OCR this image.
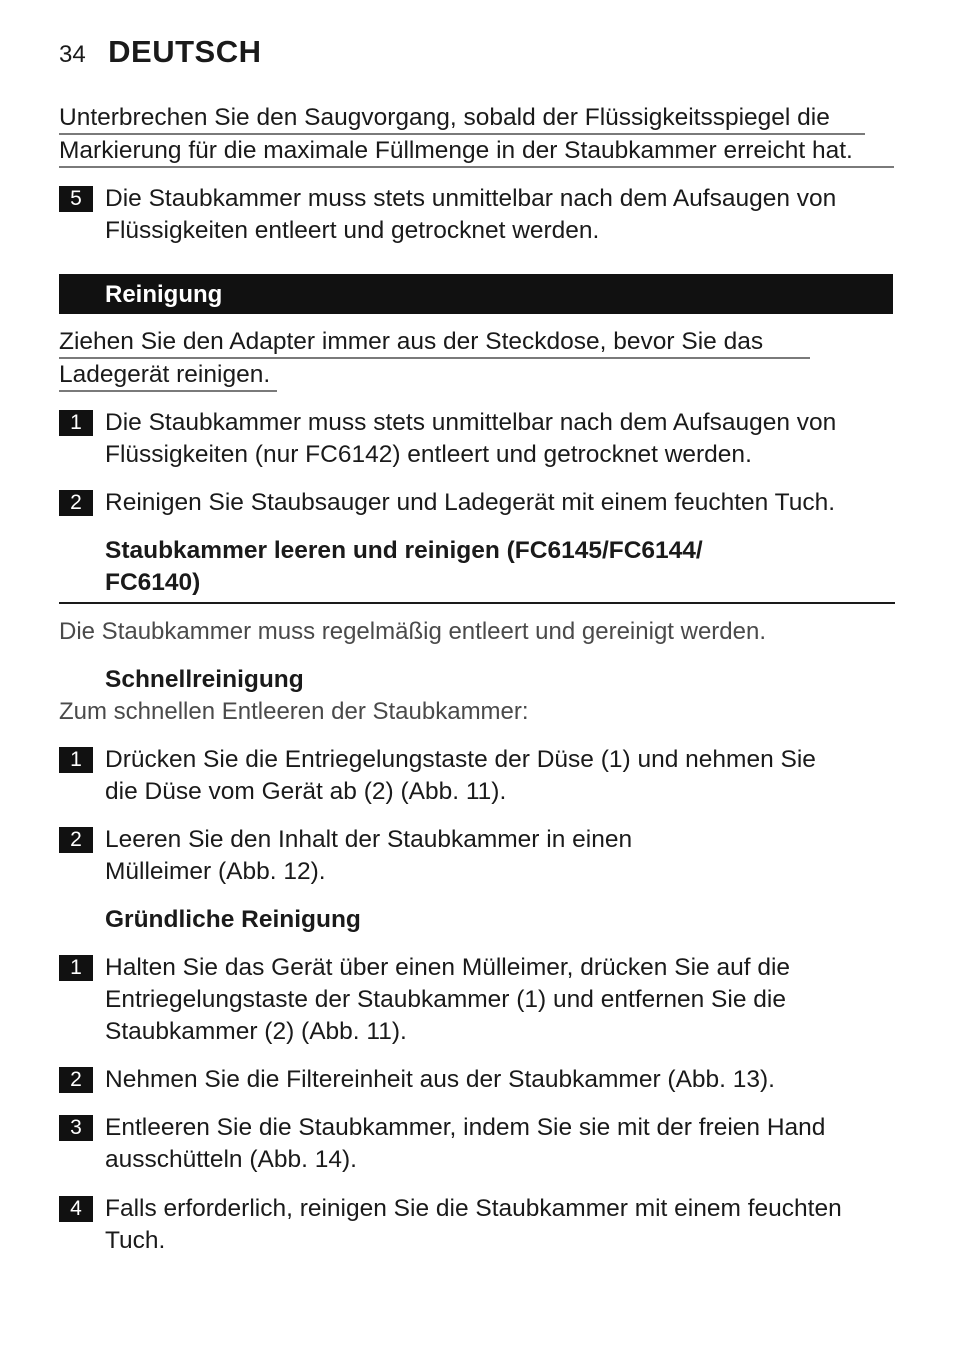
34 DEUTSCH
Unterbrechen Sie den Saugvorgang, sobald der Flüssigkeitsspiegel die
Markierung für die maximale Füllmenge in der Staubkammer erreicht hat.
5 Die Staubkammer muss stets unmittelbar nach dem Aufsaugen von
Flüssigkeiten entleert und getrocknet werden.
Reinigung
Ziehen Sie den Adapter immer aus der Steckdose, bevor Sie das
Ladegerät reinigen.
1 Die Staubkammer muss stets unmittelbar nach dem Aufsaugen von
Flüssigkeiten (nur FC6142) entleert und getrocknet werden.
2 Reinigen Sie Staubsauger und Ladegerät mit einem feuchten Tuch.
Staubkammer leeren und reinigen (FC6145/FC6144/
FC6140)
Die Staubkammer muss regelmäßig entleert und gereinigt werden.
Schnellreinigung
Zum schnellen Entleeren der Staubkammer:
1 Drücken Sie die Entriegelungstaste der Düse (1) und nehmen Sie
die Düse vom Gerät ab (2) (Abb. 11).
2 Leeren Sie den Inhalt der Staubkammer in einen
Mülleimer (Abb. 12).
Gründliche Reinigung
1 Halten Sie das Gerät über einen Mülleimer, drücken Sie auf die
Entriegelungstaste der Staubkammer (1) und entfernen Sie die
Staubkammer (2) (Abb. 11).
2 Nehmen Sie die Filtereinheit aus der Staubkammer (Abb. 13).
3 Entleeren Sie die Staubkammer, indem Sie sie mit der freien Hand
ausschütteln (Abb. 14).
4 Falls erforderlich, reinigen Sie die Staubkammer mit einem feuchten
Tuch.
